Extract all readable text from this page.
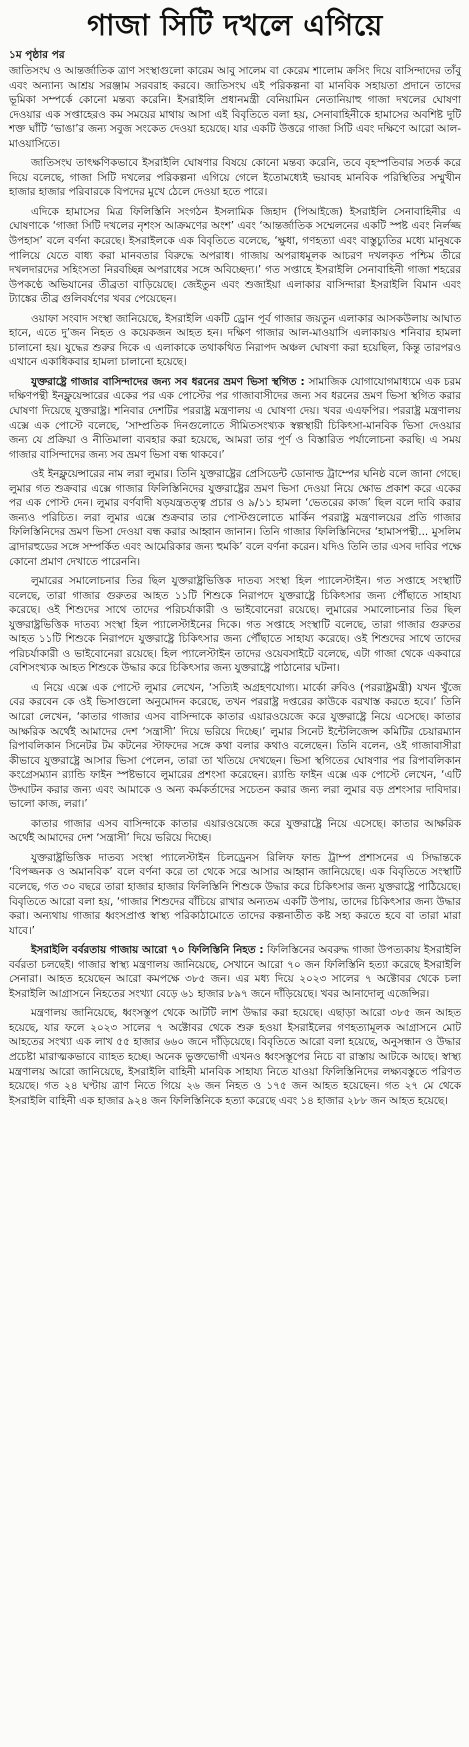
গাজা সিটি দখলে এগিয়ে
১ম পৃষ্ঠার পর

জাতিসংঘ ও আন্তর্জাতিক ত্রাণ সংস্থাগুলো কারেম আবু সালেম বা কেরেম শালোম ক্রসিং দিয়ে বাসিন্দাদের তাঁবু এবং অন্যান্য আশ্রয় সরঞ্জাম সরবরাহ করবে। জাতিসংঘ এই পরিকল্পনা বা মানবিক সহায়তা প্রদানে তাদের ভূমিকা সম্পর্কে কোনো মন্তব্য করেনি। ইসরাইলি প্রধানমন্ত্রী বেনিয়ামিন নেতানিয়াহু গাজা দখলের ঘোষণা দেওয়ার এক সপ্তাহেরও কম সময়ের মাথায় আসা এই বিবৃতিতে বলা হয়, সেনাবাহিনীকে হামাসের অবশিষ্ট দুটি শক্ত ঘাঁটি ‘ভাঙা’র জন্য সবুজ সংকেত দেওয়া হয়েছে। যার একটি উত্তরে গাজা সিটি এবং দক্ষিণে আরো আল-মাওয়াসিতে।

জাতিসংঘ তাৎক্ষণিকভাবে ইসরাইলি ঘোষণার বিষয়ে কোনো মন্তব্য করেনি, তবে বৃহস্পতিবার সতর্ক করে দিয়ে বলেছে, গাজা সিটি দখলের পরিকল্পনা এগিয়ে গেলে ইতোমধ্যেই ভয়াবহ মানবিক পরিস্থিতির সম্মুখীন হাজার হাজার পরিবারকে বিপদের মুখে ঠেলে দেওয়া হতে পারে।

এদিকে হামাসের মিত্র ফিলিস্তিনি সংগঠন ইসলামিক জিহাদ (পিআইজে) ইসরাইলি সেনাবাহিনীর এ ঘোষণাকে ‘গাজা সিটি দখলের নৃশংস আক্রমণের অংশ’ এবং ‘আন্তর্জাতিক সম্মেলনের একটি স্পষ্ট এবং নির্লজ্জ উপহাস’ বলে বর্ণনা করেছে। ইসরাইলকে এক বিবৃতিতে বলেছে, ‘ক্ষুধা, গণহত্যা এবং বাস্তুচ্যুতির মধ্যে মানুষকে পালিয়ে যেতে বাধ্য করা মানবতার বিরুদ্ধে অপরাধ। গাজায় অপরাধমূলক আচরণ দখলকৃত পশ্চিম তীরে দখলদারদের সহিংসতা নিরবচ্ছিন্ন অপরাধের সঙ্গে অবিচ্ছেদ্য।’ গত সপ্তাহে ইসরাইলি সেনাবাহিনী গাজা শহরের উপকণ্ঠে অভিযানের তীব্রতা বাড়িয়েছে। জেইতুন এবং শুজাইয়া এলাকার বাসিন্দারা ইসরাইলি বিমান এবং ট্যাঙ্কের তীব্র গুলিবর্ষণের খবর পেয়েছেন।

ওয়াফা সংবাদ সংস্থা জানিয়েছে, ইসরাইলি একটি ড্রোন পূর্ব গাজার জয়তুন এলাকার আসকউলায় আঘাত হানে, এতে দু’জন নিহত ও কয়েকজন আহত হন। দক্ষিণ গাজার আল-মাওয়াসি এলাকায়ও শনিবার হামলা চালানো হয়। যুদ্ধের শুরুর দিকে এ এলাকাকে তথাকথিত নিরাপদ অঞ্চল ঘোষণা করা হয়েছিল, কিন্তু তারপরও এখানে একাধিকবার হামলা চালানো হয়েছে।

যুক্তরাষ্ট্রে গাজার বাসিন্দাদের জন্য সব ধরনের ভ্রমণ ভিসা স্থগিত : সামাজিক যোগাযোগমাধ্যমে এক চরম দক্ষিণপন্থী ইনফ্লুয়েন্সারের একের পর এক পোস্টের পর গাজাবাসীদের জন্য সব ধরনের ভ্রমণ ভিসা স্থগিত করার ঘোষণা দিয়েছে যুক্তরাষ্ট্র। শনিবার দেশটির পররাষ্ট্র মন্ত্রণালয় এ ঘোষণা দেয়। খবর এএফপির। পররাষ্ট্র মন্ত্রণালয় এক্সে এক পোস্টে বলেছে, ‘সাম্প্রতিক দিনগুলোতে সীমিতসংখ্যক স্বল্পস্থায়ী চিকিৎসা-মানবিক ভিসা দেওয়ার জন্য যে প্রক্রিয়া ও নীতিমালা ব্যবহার করা হয়েছে, আমরা তার পূর্ণ ও বিস্তারিত পর্যালোচনা করছি। এ সময় গাজার বাসিন্দাদের জন্য সব ভ্রমণ ভিসা বন্ধ থাকবে।’

ওই ইনফ্লুয়েন্সারের নাম লরা লুমার। তিনি যুক্তরাষ্ট্রের প্রেসিডেন্ট ডোনাল্ড ট্রাম্পের ঘনিষ্ঠ বলে জানা গেছে। লুমার গত শুক্রবার এক্সে গাজার ফিলিস্তিনিদের যুক্তরাষ্ট্রের ভ্রমণ ভিসা দেওয়া নিয়ে ক্ষোভ প্রকাশ করে একের পর এক পোস্ট দেন। লুমার বর্ণবাদী ষড়যন্ত্রতত্ত্ব প্রচার ও ৯/১১ হামলা ‘ভেতরের কাজ’ ছিল বলে দাবি করার জন্যও পরিচিত। লরা লুমার এক্সে শুক্রবার তার পোস্টগুলোতে মার্কিন পররাষ্ট্র মন্ত্রণালয়ের প্রতি গাজার ফিলিস্তিনিদের ভ্রমণ ভিসা দেওয়া বন্ধ করার আহ্বান জানান। তিনি গাজার ফিলিস্তিনিদের ‘হামাসপন্থী... মুসলিম ব্রাদারহুডের সঙ্গে সম্পর্কিত এবং আমেরিকার জন্য হুমকি’ বলে বর্ণনা করেন। যদিও তিনি তার এসব দাবির পক্ষে কোনো প্রমাণ দেখাতে পারেননি।

লুমারের সমালোচনার তির ছিল যুক্তরাষ্ট্রভিত্তিক দাতব্য সংস্থা হিল প্যালেস্টাইন। গত সপ্তাহে সংস্থাটি বলেছে, তারা গাজার গুরুতর আহত ১১টি শিশুকে নিরাপদে যুক্তরাষ্ট্রে চিকিৎসার জন্য পৌঁছাতে সাহায্য করেছে। ওই শিশুদের সাথে তাদের পরিচর্যাকারী ও ভাইবোনেরা রয়েছে। লুমারের সমালোচনার তির ছিল যুক্তরাষ্ট্রভিত্তিক দাতব্য সংস্থা হিল প্যালেস্টাইনের দিকে। গত সপ্তাহে সংস্থাটি বলেছে, তারা গাজার গুরুতর আহত ১১টি শিশুকে নিরাপদে যুক্তরাষ্ট্রে চিকিৎসার জন্য পৌঁছাতে সাহায্য করেছে। ওই শিশুদের সাথে তাদের পরিচর্যাকারী ও ভাইবোনেরা রয়েছে। হিল প্যালেস্টাইন তাদের ওয়েবসাইটে বলেছে, এটা গাজা থেকে একবারে বেশিসংখ্যক আহত শিশুকে উদ্ধার করে চিকিৎসার জন্য যুক্তরাষ্ট্রে পাঠানোর ঘটনা।

এ নিয়ে এক্সে এক পোস্টে লুমার লেখেন, ‘সত্যিই অগ্রহণযোগ্য। মার্কো রুবিও (পররাষ্ট্রমন্ত্রী) যখন খুঁজে বের করবেন কে ওই ভিসাগুলো অনুমোদন করেছে, তখন পররাষ্ট্র দপ্তরের কাউকে বরখাস্ত করতে হবে।’ তিনি আরো লেখেন, ‘কাতার গাজার এসব বাসিন্দাকে কাতার এয়ারওয়েজে করে যুক্তরাষ্ট্রে নিয়ে এসেছে। কাতার আক্ষরিক অর্থেই আমাদের দেশ ‘সন্ত্রাসী’ দিয়ে ভরিয়ে দিচ্ছে।’ লুমার সিনেট ইন্টেলিজেন্স কমিটির চেয়ারম্যান রিপাবলিকান সিনেটর টম কটনের স্টাফদের সঙ্গে কথা বলার কথাও বলেছেন। তিনি বলেন, ওই গাজাবাসীরা কীভাবে যুক্তরাষ্ট্রে আসার ভিসা পেলেন, তারা তা খতিয়ে দেখছেন। ভিসা স্থগিতের ঘোষণার পর রিপাবলিকান কংগ্রেসম্যান র‍্যান্ডি ফাইন স্পষ্টভাবে লুমারের প্রশংসা করেছেন। র‍্যান্ডি ফাইন এক্সে এক পোস্টে লেখেন, ‘এটি উদ্ঘাটন করার জন্য এবং আমাকে ও অন্য কর্মকর্তাদের সচেতন করার জন্য লরা লুমার বড় প্রশংসার দাবিদার। ভালো কাজ, লরা।’

কাতার গাজার এসব বাসিন্দাকে কাতার এয়ারওয়েজে করে যুক্তরাষ্ট্রে নিয়ে এসেছে। কাতার আক্ষরিক অর্থেই আমাদের দেশ ‘সন্ত্রাসী’ দিয়ে ভরিয়ে দিচ্ছে।

যুক্তরাষ্ট্রভিত্তিক দাতব্য সংস্থা প্যালেস্টাইন চিলড্রেনস রিলিফ ফান্ড ট্রাম্প প্রশাসনের এ সিদ্ধান্তকে ‘বিপজ্জনক ও অমানবিক’ বলে বর্ণনা করে তা থেকে সরে আসার আহ্বান জানিয়েছে। এক বিবৃতিতে সংস্থাটি বলেছে, গত ৩০ বছরে তারা হাজার হাজার ফিলিস্তিনি শিশুকে উদ্ধার করে চিকিৎসার জন্য যুক্তরাষ্ট্রে পাঠিয়েছে। বিবৃতিতে আরো বলা হয়, ‘গাজার শিশুদের বাঁচিয়ে রাখার অন্যতম একটি উপায়, তাদের চিকিৎসার জন্য উদ্ধার করা। অন্যথায় গাজার ধ্বংসপ্রাপ্ত স্বাস্থ্য পরিকাঠামোতে তাদের কল্পনাতীত কষ্ট সহ্য করতে হবে বা তারা মারা যাবে।’

ইসরাইলি বর্বরতায় গাজায় আরো ৭০ ফিলিস্তিনি নিহত : ফিলিস্তিনের অবরুদ্ধ গাজা উপত্যকায় ইসরাইলি বর্বরতা চলছেই। গাজার স্বাস্থ্য মন্ত্রণালয় জানিয়েছে, সেখানে আরো ৭০ জন ফিলিস্তিনি হত্যা করেছে ইসরাইলি সেনারা। আহত হয়েছেন আরো কমপক্ষে ৩৮৫ জন। এর মধ্য দিয়ে ২০২৩ সালের ৭ অক্টোবর থেকে চলা ইসরাইলি আগ্রাসনে নিহতের সংখ্যা বেড়ে ৬১ হাজার ৮৯৭ জনে দাঁড়িয়েছে। খবর আনাদোলু এজেন্সির।

মন্ত্রণালয় জানিয়েছে, ধ্বংসস্তূপ থেকে আটটি লাশ উদ্ধার করা হয়েছে। এছাড়া আরো ৩৮৫ জন আহত হয়েছে, যার ফলে ২০২৩ সালের ৭ অক্টোবর থেকে শুরু হওয়া ইসরাইলের গণহত্যামূলক আগ্রাসনে মোট আহতের সংখ্যা এক লাখ ৫৫ হাজার ৬৬০ জনে দাঁড়িয়েছে। বিবৃতিতে আরো বলা হয়েছে, অনুসন্ধান ও উদ্ধার প্রচেষ্টা মারাত্মকভাবে ব্যাহত হচ্ছে। অনেক ভুক্তভোগী এখনও ধ্বংসস্তূপের নিচে বা রাস্তায় আটকে আছে। স্বাস্থ্য মন্ত্রণালয় আরো জানিয়েছে, ইসরাইলি বাহিনী মানবিক সাহায্য নিতে যাওয়া ফিলিস্তিনিদের লক্ষ্যবস্তুতে পরিণত হয়েছে। গত ২৪ ঘণ্টায় ত্রাণ নিতে গিয়ে ২৬ জন নিহত ও ১৭৫ জন আহত হয়েছেন। গত ২৭ মে থেকে ইসরাইলি বাহিনী এক হাজার ৯২৪ জন ফিলিস্তিনিকে হত্যা করেছে এবং ১৪ হাজার ২৮৮ জন আহত হয়েছে।
